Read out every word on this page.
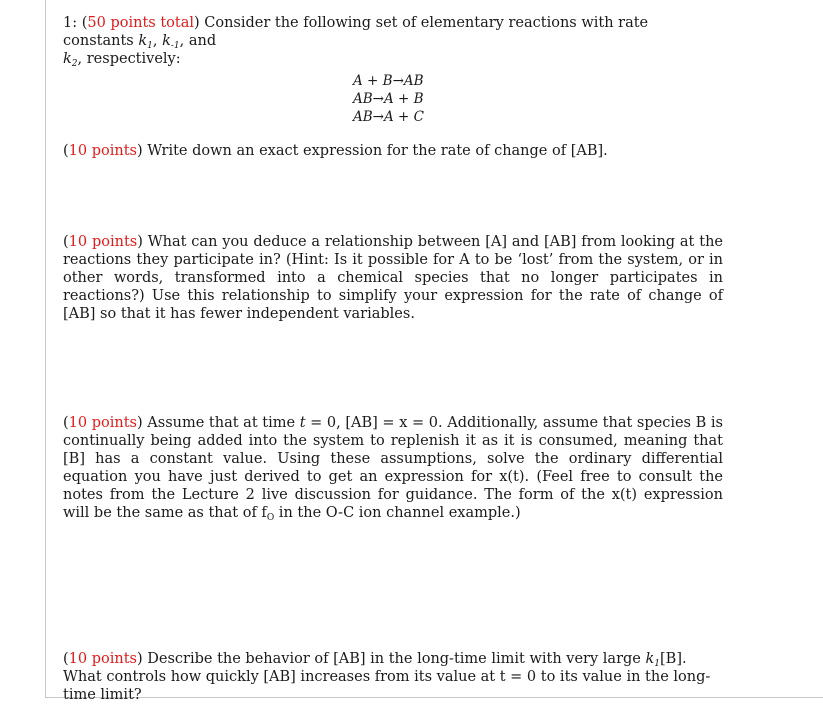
1: (50 points total) Consider the following set of elementary reactions with rate constants $k_1$, $k_{-1}$, and
$k_2$, respectively:
A + B→AB
AB→A + B
AB→A + C
(10 points) Write down an exact expression for the rate of change of [AB].
(10 points) What can you deduce a relationship between [A] and [AB] from looking at the reactions they participate in? (Hint: Is it possible for A to be ‘lost’ from the system, or in other words, transformed into a chemical species that no longer participates in reactions?) Use this relationship to simplify your expression for the rate of change of [AB] so that it has fewer independent variables.
(10 points) Assume that at time t = 0, [AB] = x = 0. Additionally, assume that species B is continually being added into the system to replenish it as it is consumed, meaning that [B] has a constant value. Using these assumptions, solve the ordinary differential equation you have just derived to get an expression for x(t). (Feel free to consult the notes from the Lecture 2 live discussion for guidance. The form of the x(t) expression will be the same as that of $f_O$ in the O-C ion channel example.)
(10 points) Describe the behavior of [AB] in the long-time limit with very large $k_1[B]$. What controls how quickly [AB] increases from its value at t = 0 to its value in the long-time limit?
